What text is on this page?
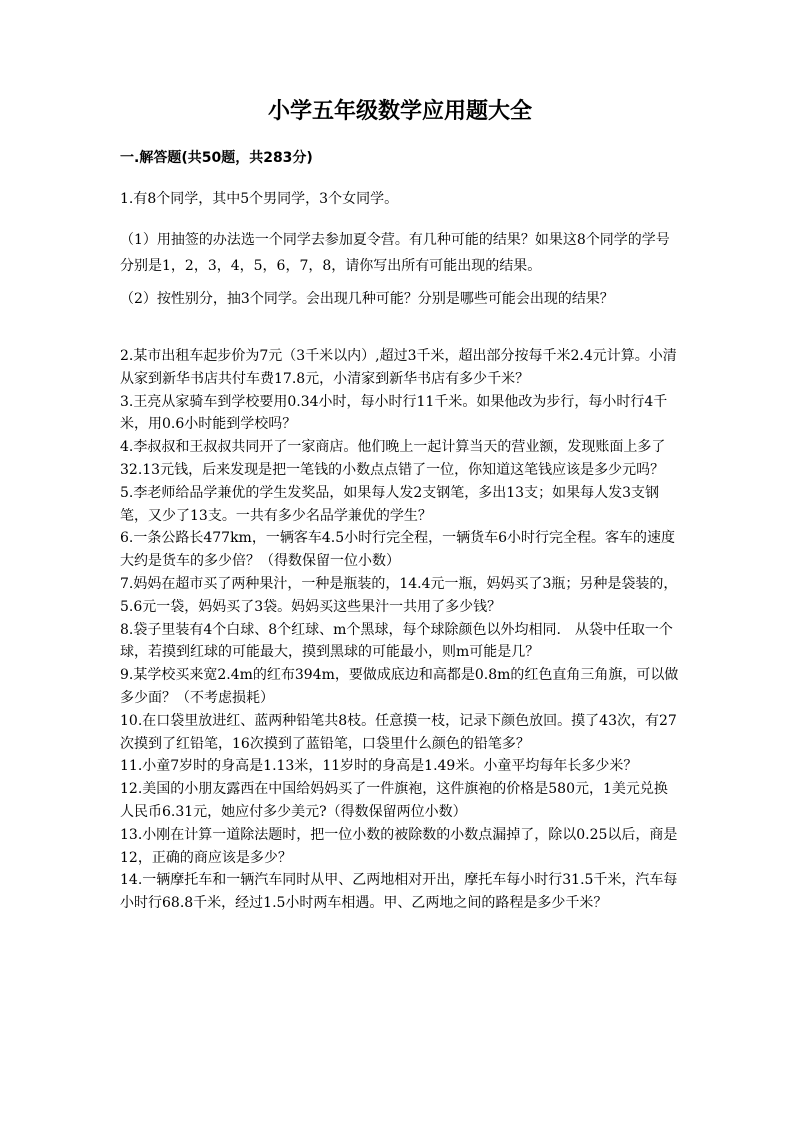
小学五年级数学应用题大全
一.解答题(共50题，共283分)

1.有8个同学，其中5个男同学，3个女同学。

（1）用抽签的办法选一个同学去参加夏令营。有几种可能的结果？如果这8个同学的学号分别是1，2，3，4，5，6，7，8，请你写出所有可能出现的结果。

（2）按性别分，抽3个同学。会出现几种可能？分别是哪些可能会出现的结果？

2.某市出租车起步价为7元（3千米以内）,超过3千米，超出部分按每千米2.4元计算。小清从家到新华书店共付车费17.8元，小清家到新华书店有多少千米？

3.王亮从家骑车到学校要用0.34小时，每小时行11千米。如果他改为步行，每小时行4千米，用0.6小时能到学校吗？

4.李叔叔和王叔叔共同开了一家商店。他们晚上一起计算当天的营业额，发现账面上多了32.13元钱，后来发现是把一笔钱的小数点点错了一位，你知道这笔钱应该是多少元吗？

5.李老师给品学兼优的学生发奖品，如果每人发2支钢笔，多出13支；如果每人发3支钢笔，又少了13支。一共有多少名品学兼优的学生？

6.一条公路长477km，一辆客车4.5小时行完全程，一辆货车6小时行完全程。客车的速度大约是货车的多少倍？（得数保留一位小数）

7.妈妈在超市买了两种果汁，一种是瓶装的，14.4元一瓶，妈妈买了3瓶；另种是袋装的，5.6元一袋，妈妈买了3袋。妈妈买这些果汁一共用了多少钱？

8.袋子里装有4个白球、8个红球、m个黑球，每个球除颜色以外均相同.　从袋中任取一个球，若摸到红球的可能最大，摸到黑球的可能最小，则m可能是几？

9.某学校买来宽2.4m的红布394m，要做成底边和高都是0.8m的红色直角三角旗，可以做多少面？（不考虑损耗）

10.在口袋里放进红、蓝两种铅笔共8枝。任意摸一枝，记录下颜色放回。摸了43次，有27次摸到了红铅笔，16次摸到了蓝铅笔，口袋里什么颜色的铅笔多？

11.小童7岁时的身高是1.13米，11岁时的身高是1.49米。小童平均每年长多少米？

12.美国的小朋友露西在中国给妈妈买了一件旗袍，这件旗袍的价格是580元，1美元兑换人民币6.31元，她应付多少美元?（得数保留两位小数）

13.小刚在计算一道除法题时，把一位小数的被除数的小数点漏掉了，除以0.25以后，商是12，正确的商应该是多少？

14.一辆摩托车和一辆汽车同时从甲、乙两地相对开出，摩托车每小时行31.5千米，汽车每小时行68.8千米，经过1.5小时两车相遇。甲、乙两地之间的路程是多少千米？
